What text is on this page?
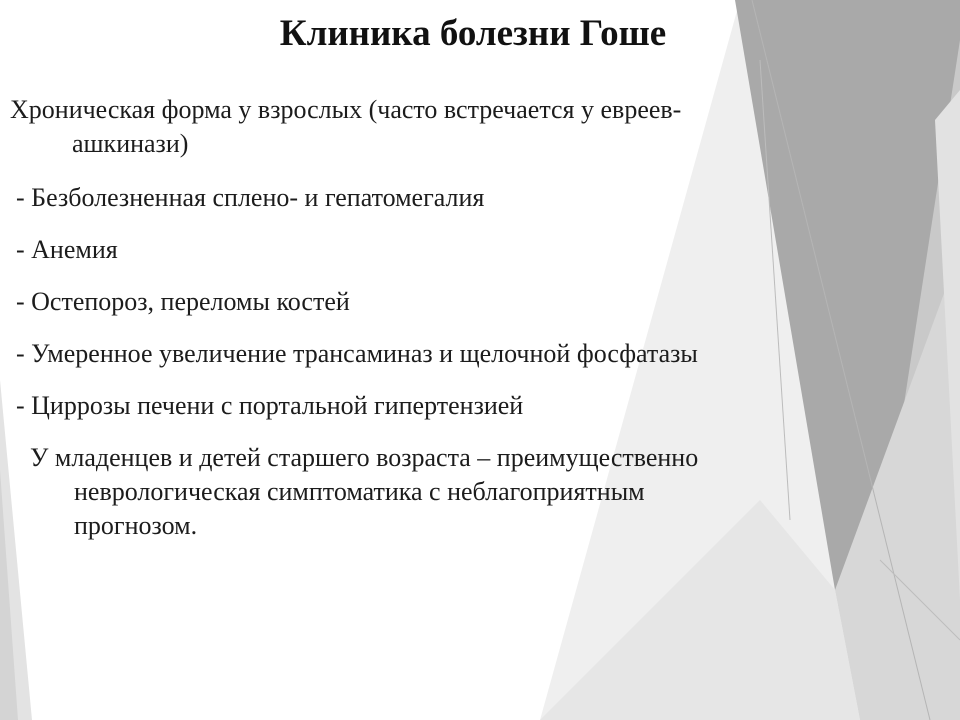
Клиника болезни Гоше
Хроническая форма у взрослых (часто встречается у евреев-
ашкинази)
- Безболезненная сплено- и гепатомегалия
- Анемия
- Остепороз, переломы костей
- Умеренное увеличение трансаминаз и щелочной фосфатазы
- Циррозы печени с портальной гипертензией
У младенцев и детей старшего возраста – преимущественно
неврологическая симптоматика с неблагоприятным
прогнозом.
